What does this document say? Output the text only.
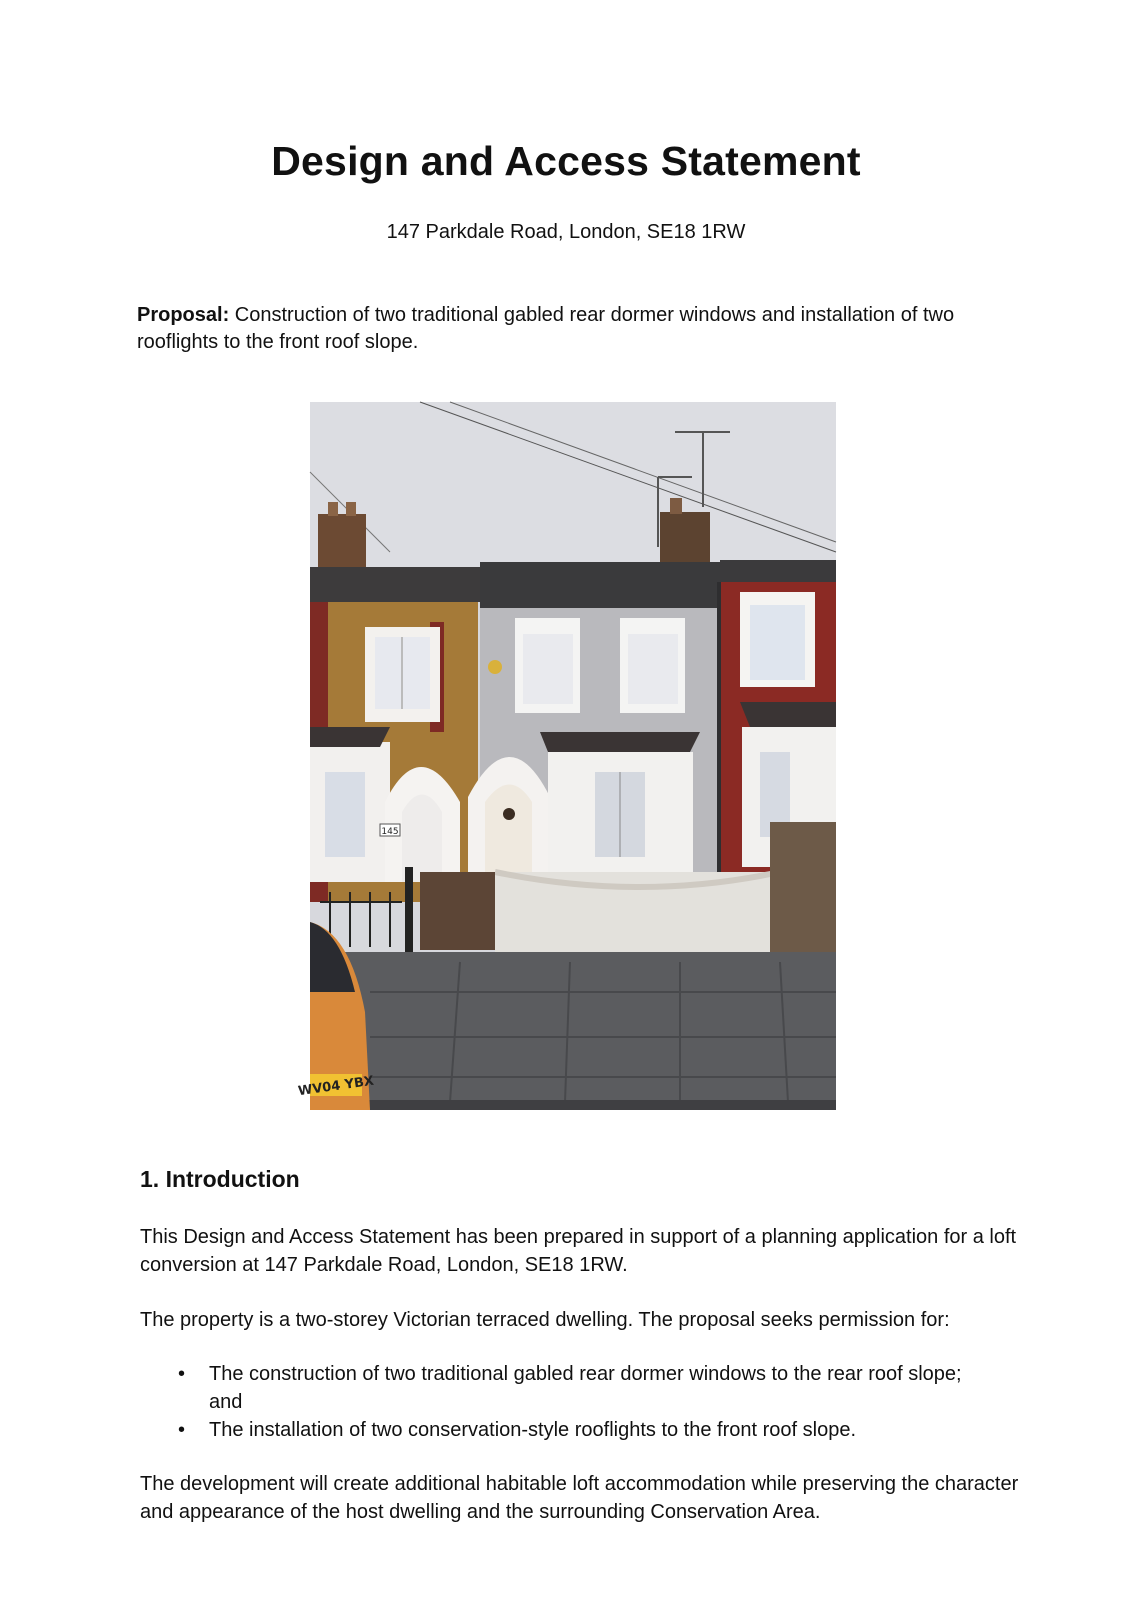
Design and Access Statement

147 Parkdale Road, London, SE18 1RW

Proposal: Construction of two traditional gabled rear dormer windows and installation of two rooflights to the front roof slope.

145
WV04 YBX
1. Introduction

This Design and Access Statement has been prepared in support of a planning application for a loft conversion at 147 Parkdale Road, London, SE18 1RW.

The property is a two-storey Victorian terraced dwelling. The proposal seeks permission for:

• The construction of two traditional gabled rear dormer windows to the rear roof slope; and
• The installation of two conservation-style rooflights to the front roof slope.

The development will create additional habitable loft accommodation while preserving the character and appearance of the host dwelling and the surrounding Conservation Area.
